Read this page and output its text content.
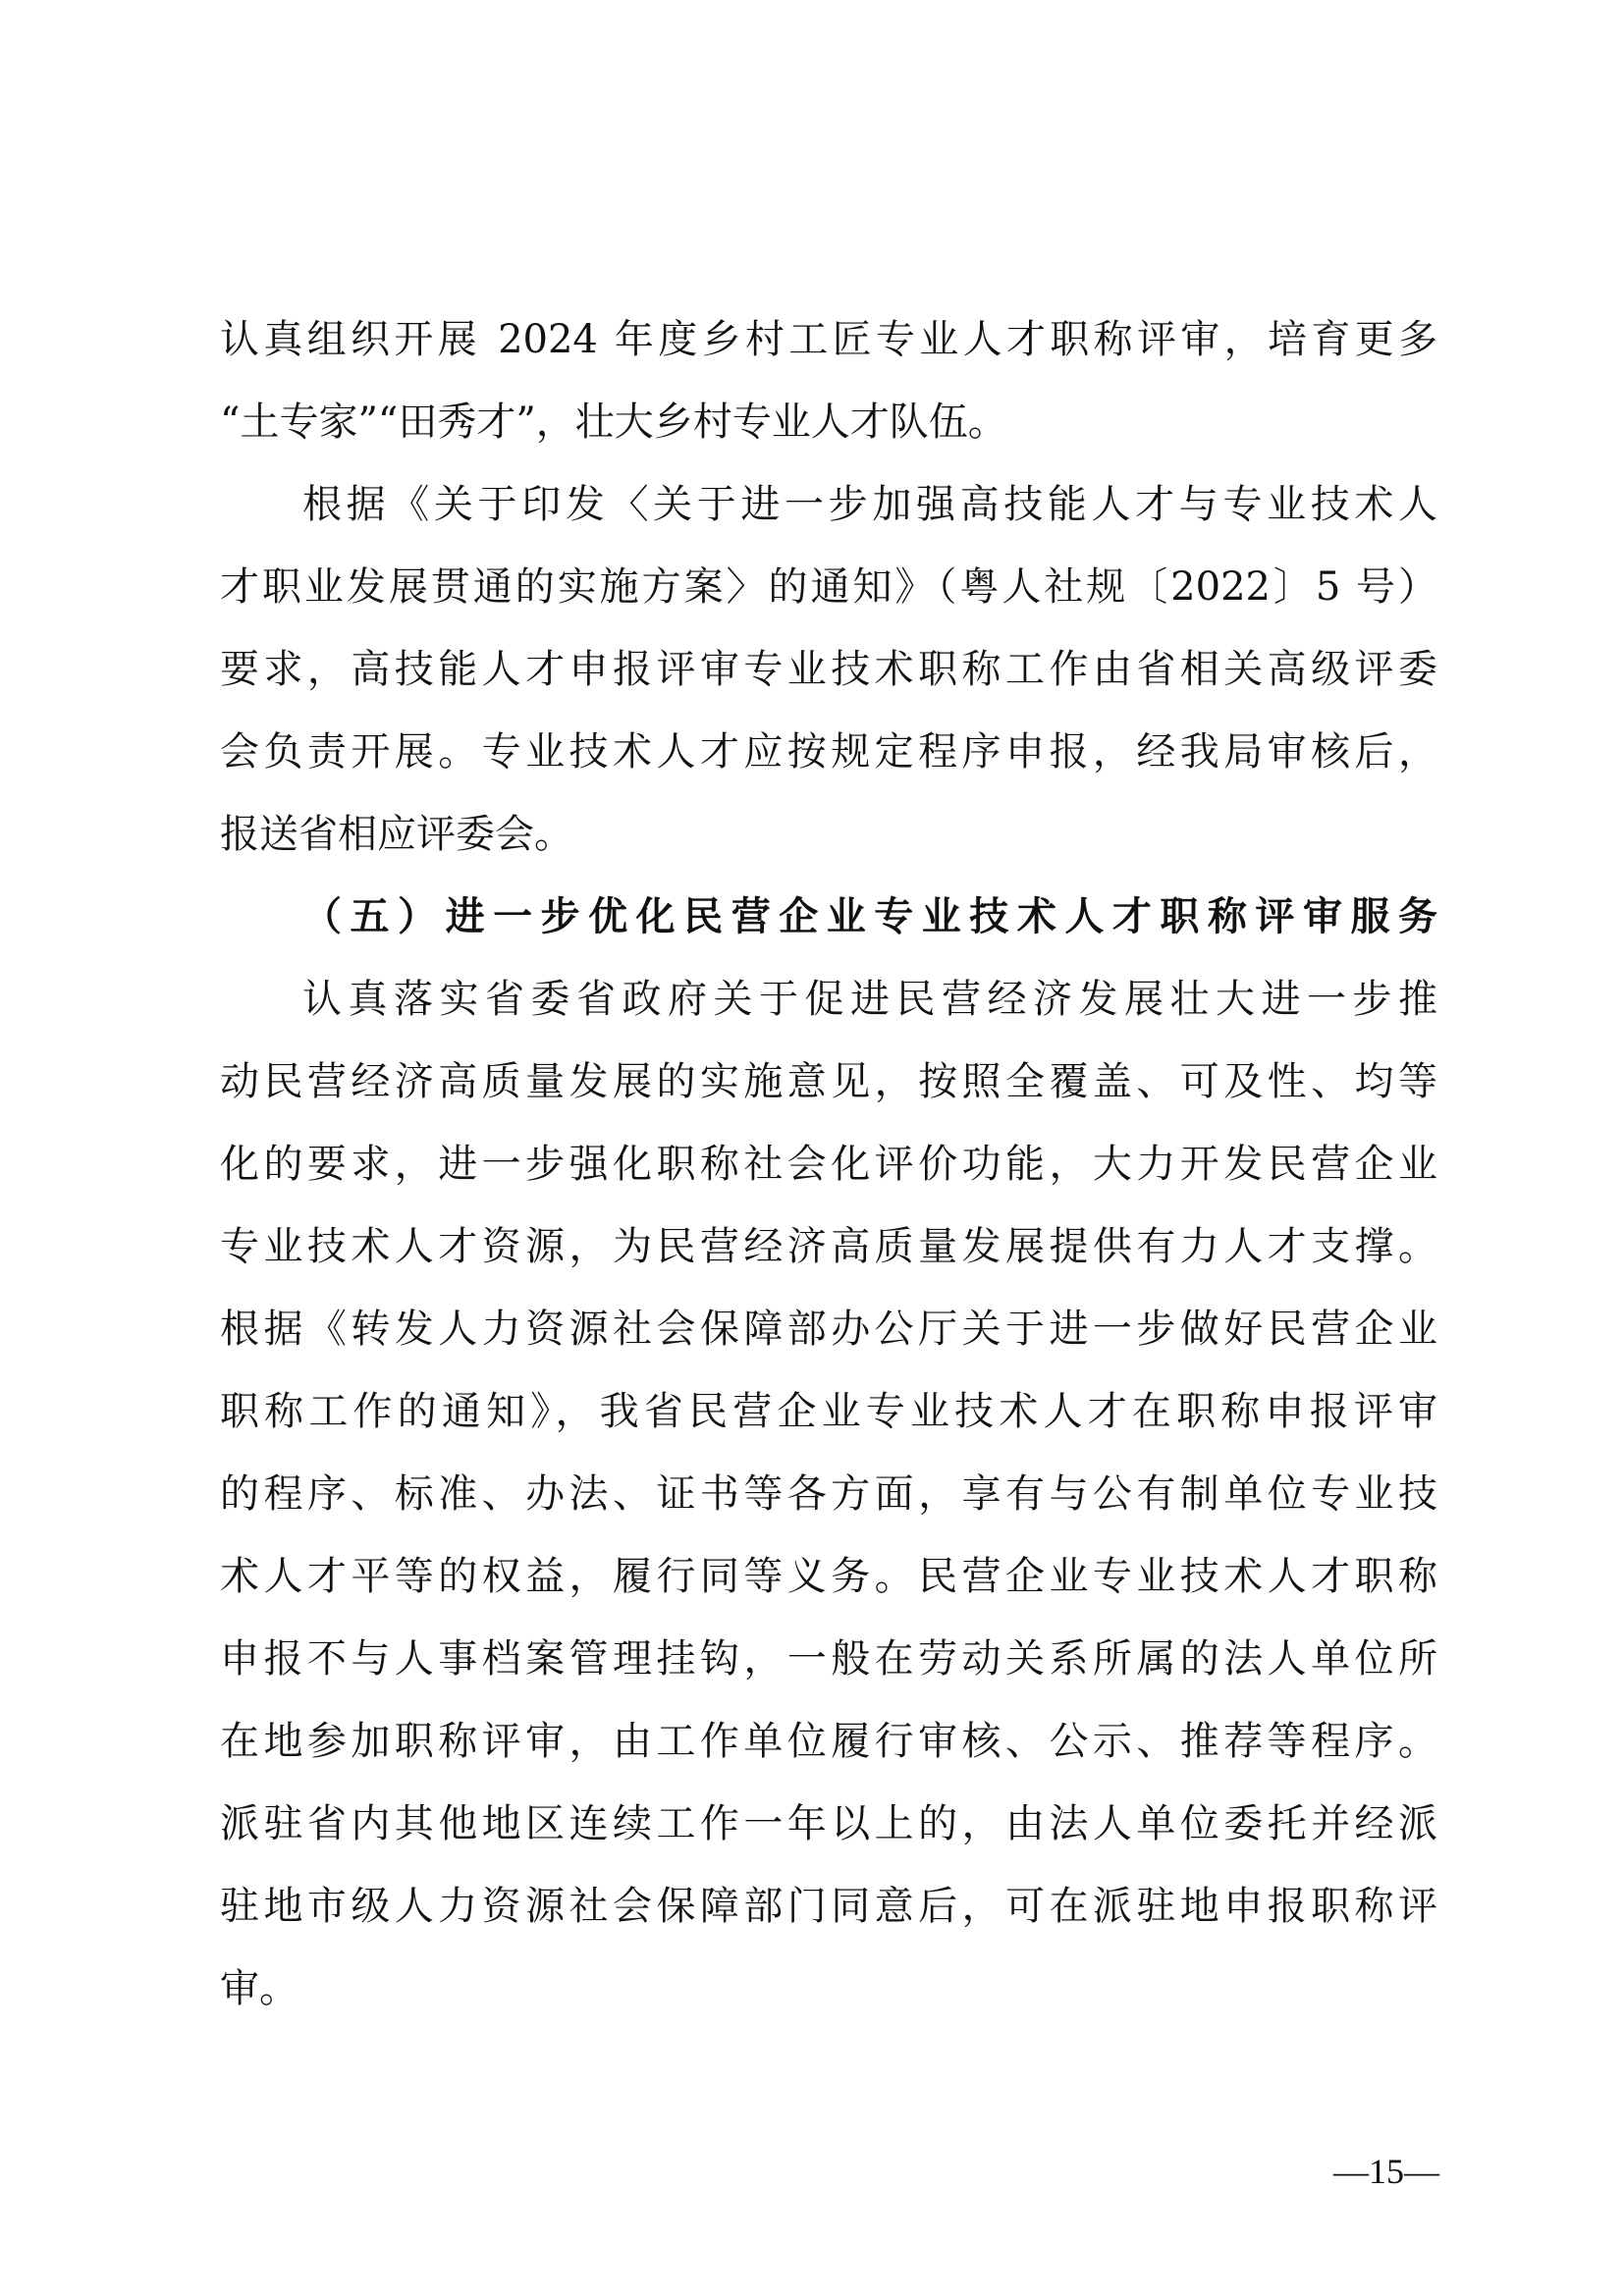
认真组织开展 2024 年度乡村工匠专业人才职称评审，培育更多
“土专家”“田秀才”，壮大乡村专业人才队伍。
根据《关于印发〈关于进一步加强高技能人才与专业技术人
才职业发展贯通的实施方案〉的通知》（粤人社规〔2022〕5 号）
要求，高技能人才申报评审专业技术职称工作由省相关高级评委
会负责开展。专业技术人才应按规定程序申报，经我局审核后，
报送省相应评委会。
（五）进一步优化民营企业专业技术人才职称评审服务
认真落实省委省政府关于促进民营经济发展壮大进一步推
动民营经济高质量发展的实施意见，按照全覆盖、可及性、均等
化的要求，进一步强化职称社会化评价功能，大力开发民营企业
专业技术人才资源，为民营经济高质量发展提供有力人才支撑。
根据《转发人力资源社会保障部办公厅关于进一步做好民营企业
职称工作的通知》，我省民营企业专业技术人才在职称申报评审
的程序、标准、办法、证书等各方面，享有与公有制单位专业技
术人才平等的权益，履行同等义务。民营企业专业技术人才职称
申报不与人事档案管理挂钩，一般在劳动关系所属的法人单位所
在地参加职称评审，由工作单位履行审核、公示、推荐等程序。
派驻省内其他地区连续工作一年以上的，由法人单位委托并经派
驻地市级人力资源社会保障部门同意后，可在派驻地申报职称评
审。
—15—
